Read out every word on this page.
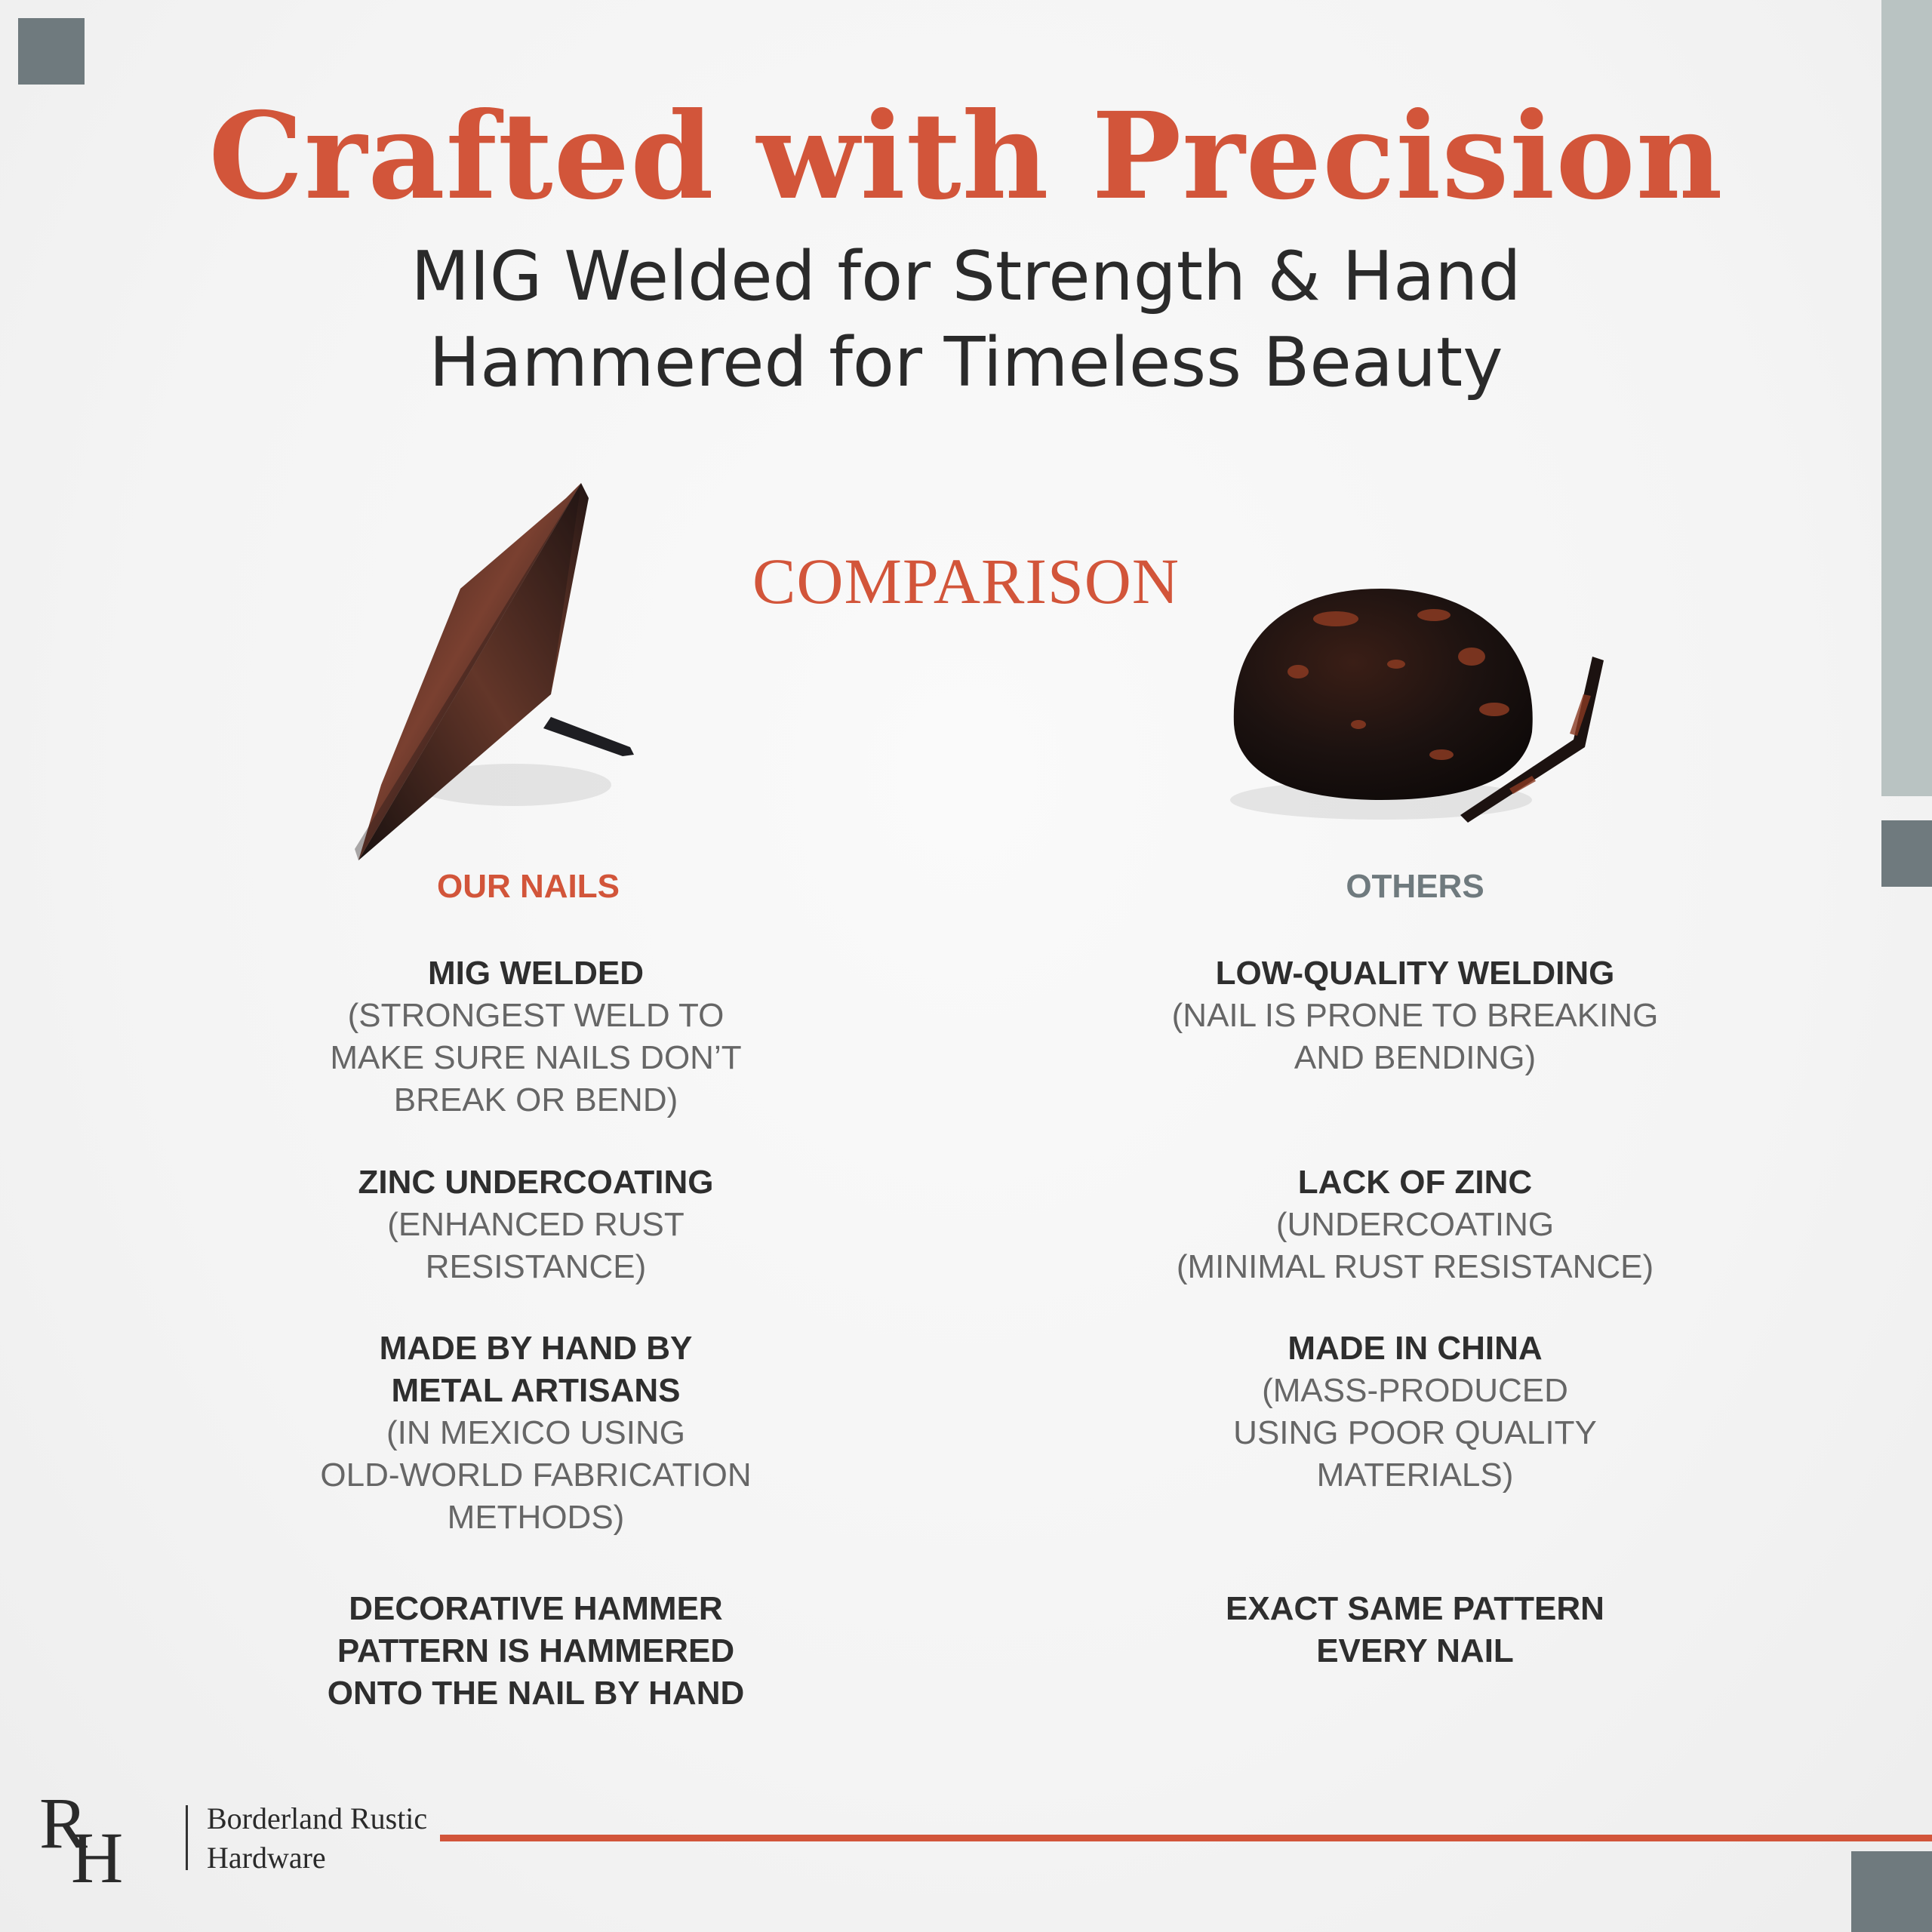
Crafted with Precision
MIG Welded for Strength & Hand
Hammered for Timeless Beauty
COMPARISON
OUR NAILS	OTHERS
MIG WELDED
(STRONGEST WELD TO
MAKE SURE NAILS DON’T
BREAK OR BEND)
ZINC UNDERCOATING
(ENHANCED RUST
RESISTANCE)
MADE BY HAND BY
METAL ARTISANS
(IN MEXICO USING
OLD-WORLD FABRICATION
METHODS)
DECORATIVE HAMMER
PATTERN IS HAMMERED
ONTO THE NAIL BY HAND
LOW-QUALITY WELDING
(NAIL IS PRONE TO BREAKING
AND BENDING)
LACK OF ZINC
(UNDERCOATING
(MINIMAL RUST RESISTANCE)
MADE IN CHINA
(MASS-PRODUCED
USING POOR QUALITY
MATERIALS)
EXACT SAME PATTERN
EVERY NAIL
R
H	Borderland Rustic
Hardware
